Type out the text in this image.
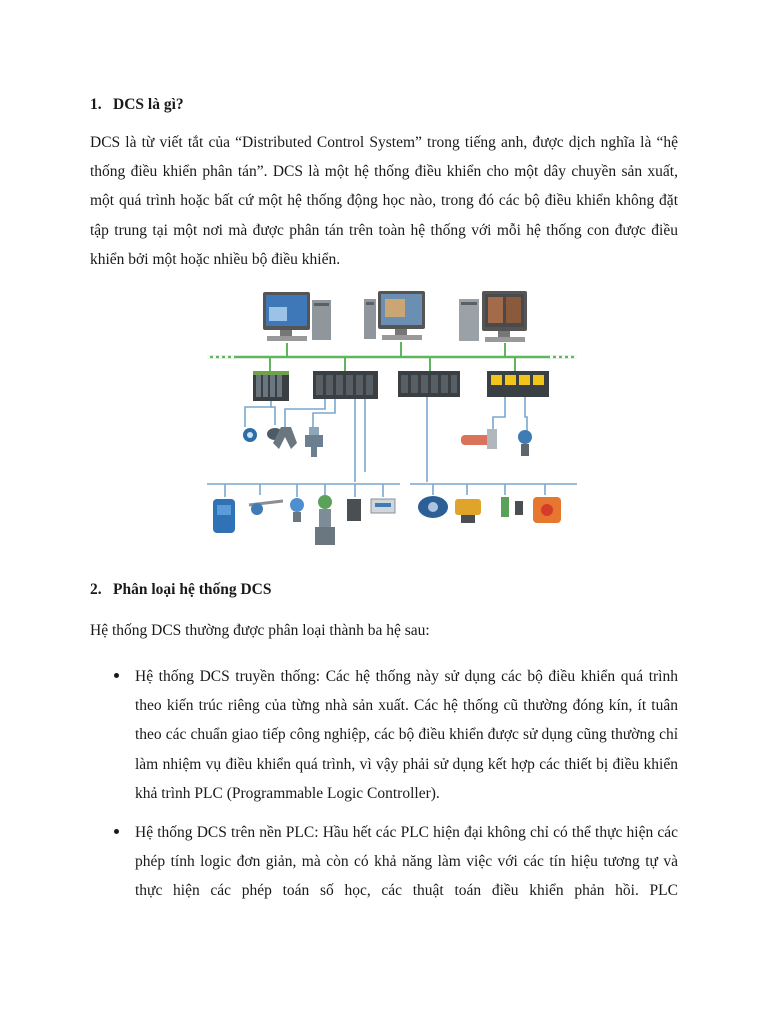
1. DCS là gì?

DCS là từ viết tắt của “Distributed Control System” trong tiếng anh, được dịch nghĩa là “hệ thống điều khiển phân tán”. DCS là một hệ thống điều khiển cho một dây chuyền sản xuất, một quá trình hoặc bất cứ một hệ thống động học nào, trong đó các bộ điều khiển không đặt tập trung tại một nơi mà được phân tán trên toàn hệ thống với mỗi hệ thống con được điều khiển bởi một hoặc nhiều bộ điều khiển.

2. Phân loại hệ thống DCS

Hệ thống DCS thường được phân loại thành ba hệ sau:

Hệ thống DCS truyền thống: Các hệ thống này sử dụng các bộ điều khiển quá trình theo kiến trúc riêng của từng nhà sản xuất. Các hệ thống cũ thường đóng kín, ít tuân theo các chuẩn giao tiếp công nghiệp, các bộ điều khiển được sử dụng cũng thường chỉ làm nhiệm vụ điều khiển quá trình, vì vậy phải sử dụng kết hợp các thiết bị điều khiển khả trình PLC (Programmable Logic Controller).
Hệ thống DCS trên nền PLC: Hầu hết các PLC hiện đại không chỉ có thể thực hiện các phép tính logic đơn giản, mà còn có khả năng làm việc với các tín hiệu tương tự và thực hiện các phép toán số học, các thuật toán điều khiển phản hồi. PLC
